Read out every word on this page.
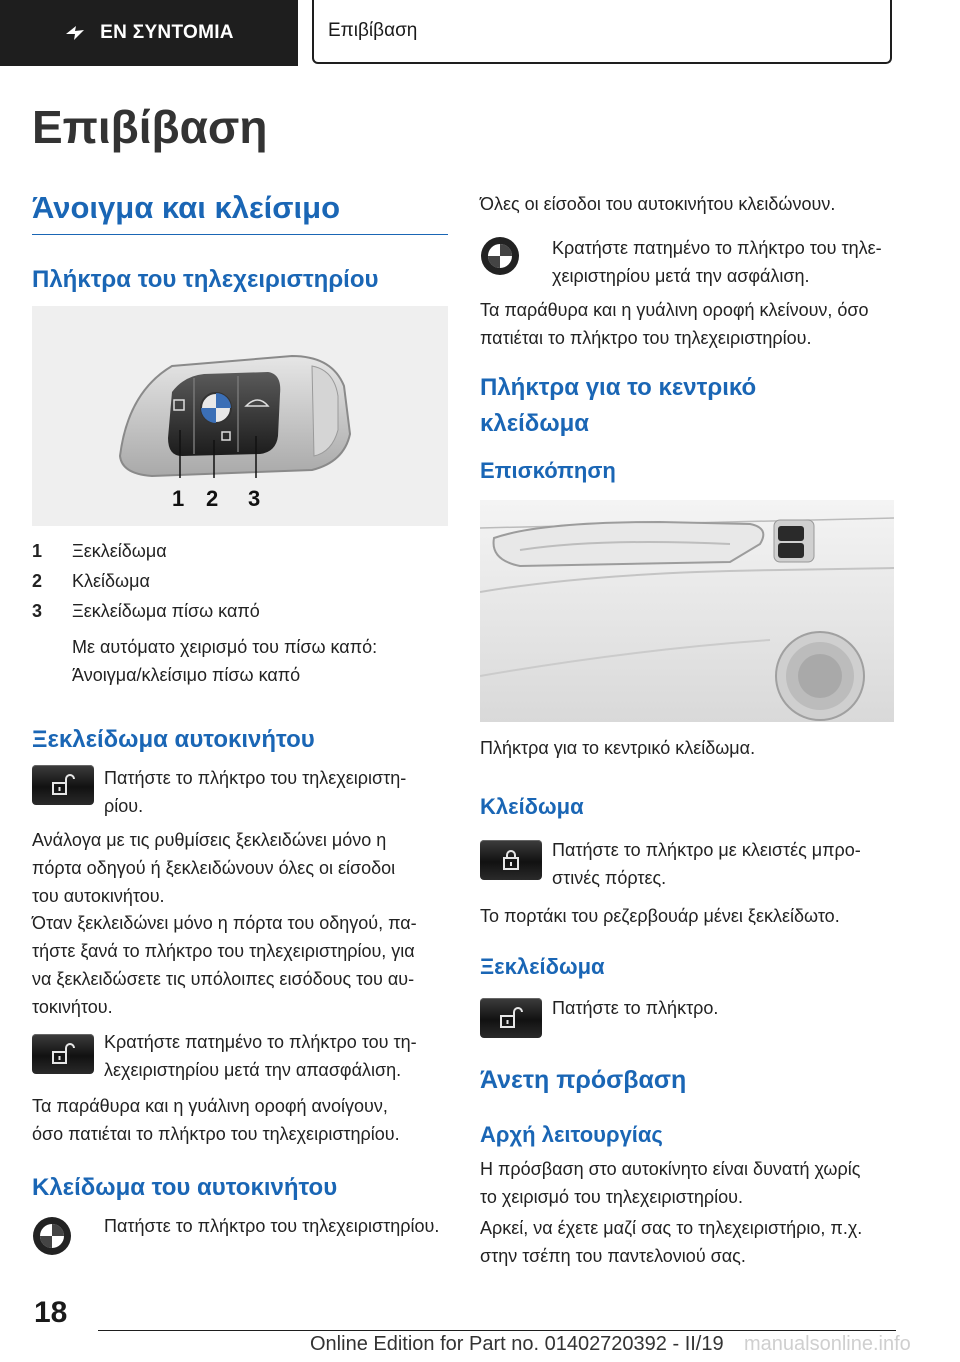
ΕΝ ΣΥΝΤΟΜΙΑ	Επιβίβαση
Επιβίβαση
Άνοιγμα και κλείσιμο
Πλήκτρα του τηλεχειριστηρίου
1 2 3
1	Ξεκλείδωμα
2	Κλείδωμα
3	Ξεκλείδωμα πίσω καπό
Με αυτόματο χειρισμό του πίσω καπό:
Άνοιγμα/κλείσιμο πίσω καπό
Ξεκλείδωμα αυτοκινήτου
Πατήστε το πλήκτρο του τηλεχειριστη‐
ρίου.
Ανάλογα με τις ρυθμίσεις ξεκλειδώνει μόνο η
πόρτα οδηγού ή ξεκλειδώνουν όλες οι είσοδοι
του αυτοκινήτου.
Όταν ξεκλειδώνει μόνο η πόρτα του οδηγού, πα‐
τήστε ξανά το πλήκτρο του τηλεχειριστηρίου, για
να ξεκλειδώσετε τις υπόλοιπες εισόδους του αυ‐
τοκινήτου.
Κρατήστε πατημένο το πλήκτρο του τη‐
λεχειριστηρίου μετά την απασφάλιση.
Τα παράθυρα και η γυάλινη οροφή ανοίγουν,
όσο πατιέται το πλήκτρο του τηλεχειριστηρίου.
Κλείδωμα του αυτοκινήτου
Πατήστε το πλήκτρο του τηλεχειριστηρίου.
Όλες οι είσοδοι του αυτοκινήτου κλειδώνουν.
Κρατήστε πατημένο το πλήκτρο του τηλε‐
χειριστηρίου μετά την ασφάλιση.
Τα παράθυρα και η γυάλινη οροφή κλείνουν, όσο
πατιέται το πλήκτρο του τηλεχειριστηρίου.
Πλήκτρα για το κεντρικό
κλείδωμα
Επισκόπηση
Πλήκτρα για το κεντρικό κλείδωμα.
Κλείδωμα
Πατήστε το πλήκτρο με κλειστές μπρο‐
στινές πόρτες.
Το πορτάκι του ρεζερβουάρ μένει ξεκλείδωτο.
Ξεκλείδωμα
Πατήστε το πλήκτρο.
Άνετη πρόσβαση
Αρχή λειτουργίας
Η πρόσβαση στο αυτοκίνητο είναι δυνατή χωρίς
το χειρισμό του τηλεχειριστηρίου.
Αρκεί, να έχετε μαζί σας το τηλεχειριστήριο, π.χ.
στην τσέπη του παντελονιού σας.
18
Online Edition for Part no. 01402720392 - II/19 manualsonline.info
